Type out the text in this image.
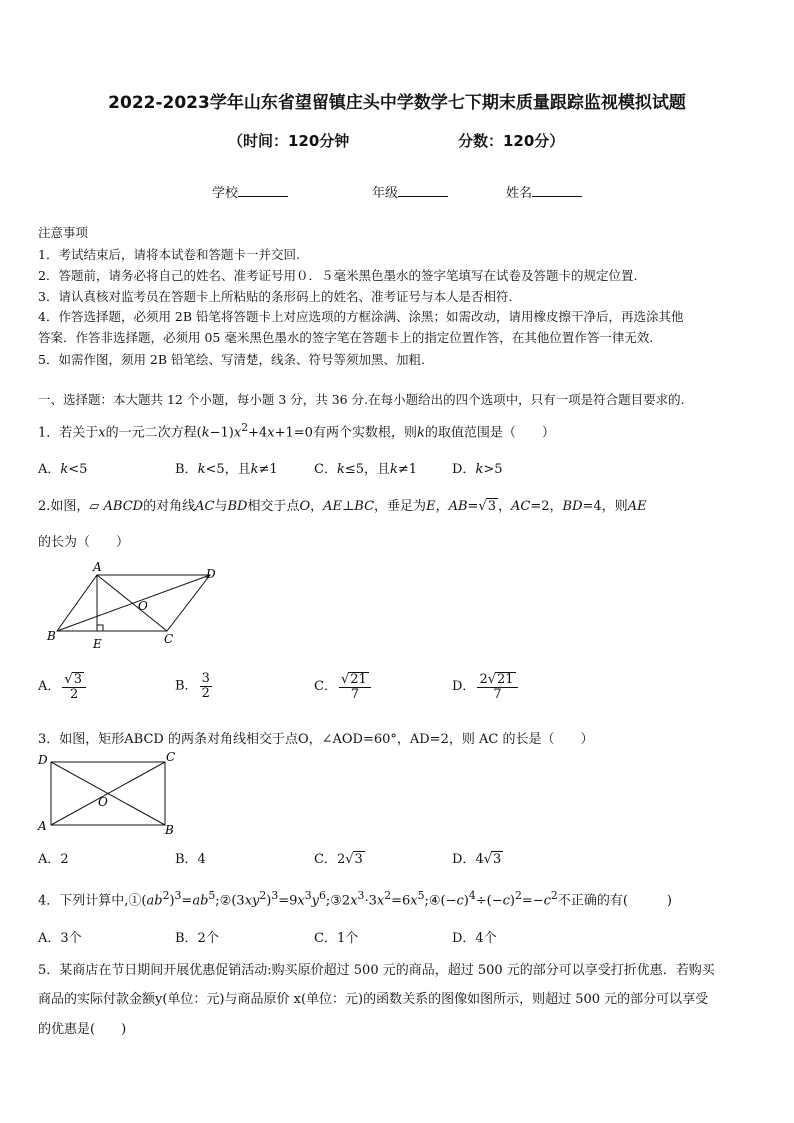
2022-2023学年山东省望留镇庄头中学数学七下期末质量跟踪监视模拟试题
（时间：120分钟	分数：120分）
学校	年级	姓名
注意事项
1．考试结束后，请将本试卷和答题卡一并交回.
2．答题前，请务必将自己的姓名、准考证号用０．５毫米黑色墨水的签字笔填写在试卷及答题卡的规定位置.
3．请认真核对监考员在答题卡上所粘贴的条形码上的姓名、准考证号与本人是否相符.
4．作答选择题，必须用 2B 铅笔将答题卡上对应选项的方框涂满、涂黑；如需改动，请用橡皮擦干净后，再选涂其他
答案．作答非选择题，必须用 05 毫米黑色墨水的签字笔在答题卡上的指定位置作答，在其他位置作答一律无效.
5．如需作图，须用 2B 铅笔绘、写清楚，线条、符号等须加黑、加粗.
一、选择题：本大题共 12 个小题，每小题 3 分，共 36 分.在每小题给出的四个选项中，只有一项是符合题目要求的.
1．若关于x的一元二次方程$(k-1)x^2+4x+1=0$有两个实数根，则k的取值范围是（　　）
A．k<5	B．k<5，且k≠1	C．k≤5，且k≠1	D．k>5
2.如图，▱ ABCD的对角线AC与BD相交于点O，AE⊥BC，垂足为E，AB=√3 ，AC=2，BD=4，则AE
的长为（　　）
A	D
O
B
E	C
A． $\frac{√3}{2}$	B． $\frac{3}{2}$	C． $\frac{√21}{7}$	D． $\frac{2√21}{7}$
3．如图，矩形ABCD 的两条对角线相交于点O，∠AOD=60°，AD=2，则 AC 的长是（　　）
D	C
O
A	B
A．2	B．4	C．2√3	D．4√3
4．下列计算中$,①(ab^2)^3=ab^5;②(3xy^2)^3=9x^3y^6;③2x^3\cdot 3x^2=6x^5;④(-c)^4\div(-c)^2=-c^2$不正确的有(　　　)
A．3个	B．2个	C．1个	D．4个
5．某商店在节日期间开展优惠促销活动:购买原价超过 500 元的商品，超过 500 元的部分可以享受打折优惠．若购买
商品的实际付款金额y(单位：元)与商品原价 x(单位：元)的函数关系的图像如图所示，则超过 500 元的部分可以享受
的优惠是(　　)
